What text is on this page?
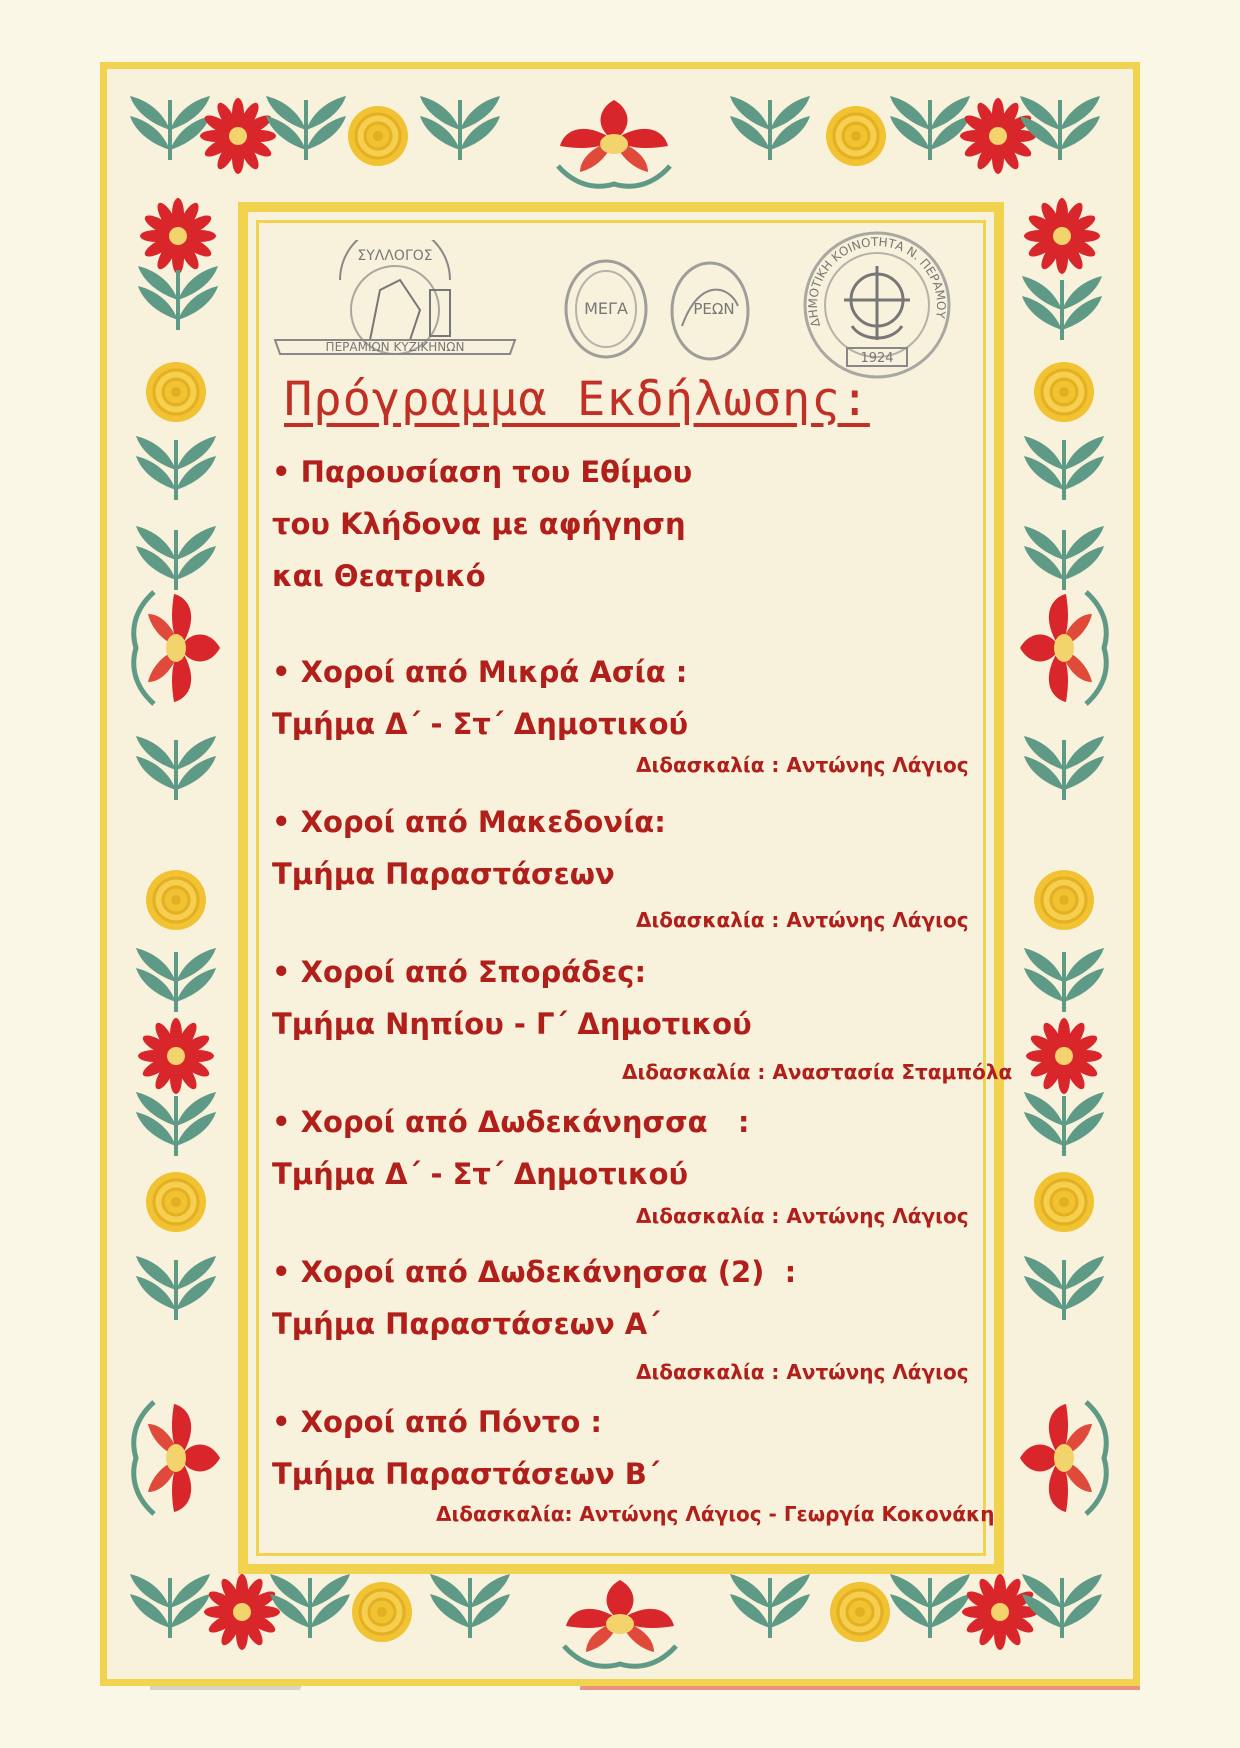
ΣΥΛΛΟΓΟΣ
ΠΕΡΑΜΙΩΝ ΚΥΖΙΚΗΝΩΝ
ΜΕΓΑ	ΡΕΩΝ
1924
ΔΗΜΟΤΙΚΗ ΚΟΙΝΟΤΗΤΑ Ν. ΠΕΡΑΜΟΥ
Πρόγραμμα Εκδήλωσης:
• Παρουσίαση του Εθίμου
του Κλήδονα με αφήγηση
και Θεατρικό
• Χοροί από Μικρά Ασία :
Τμήμα Δ΄ - Στ΄ Δημοτικού
Διδασκαλία : Αντώνης Λάγιος
• Χοροί από Μακεδονία:
Τμήμα Παραστάσεων
Διδασκαλία : Αντώνης Λάγιος
• Χοροί από Σποράδες:
Τμήμα Νηπίου - Γ΄ Δημοτικού
Διδασκαλία : Αναστασία Σταμπόλα
• Χοροί από Δωδεκάνησσα   :
Τμήμα Δ΄ - Στ΄ Δημοτικού
Διδασκαλία : Αντώνης Λάγιος
• Χοροί από Δωδεκάνησσα (2)  :
Τμήμα Παραστάσεων Α΄
Διδασκαλία : Αντώνης Λάγιος
• Χοροί από Πόντο :
Τμήμα Παραστάσεων Β΄
Διδασκαλία: Αντώνης Λάγιος - Γεωργία Κοκονάκη
